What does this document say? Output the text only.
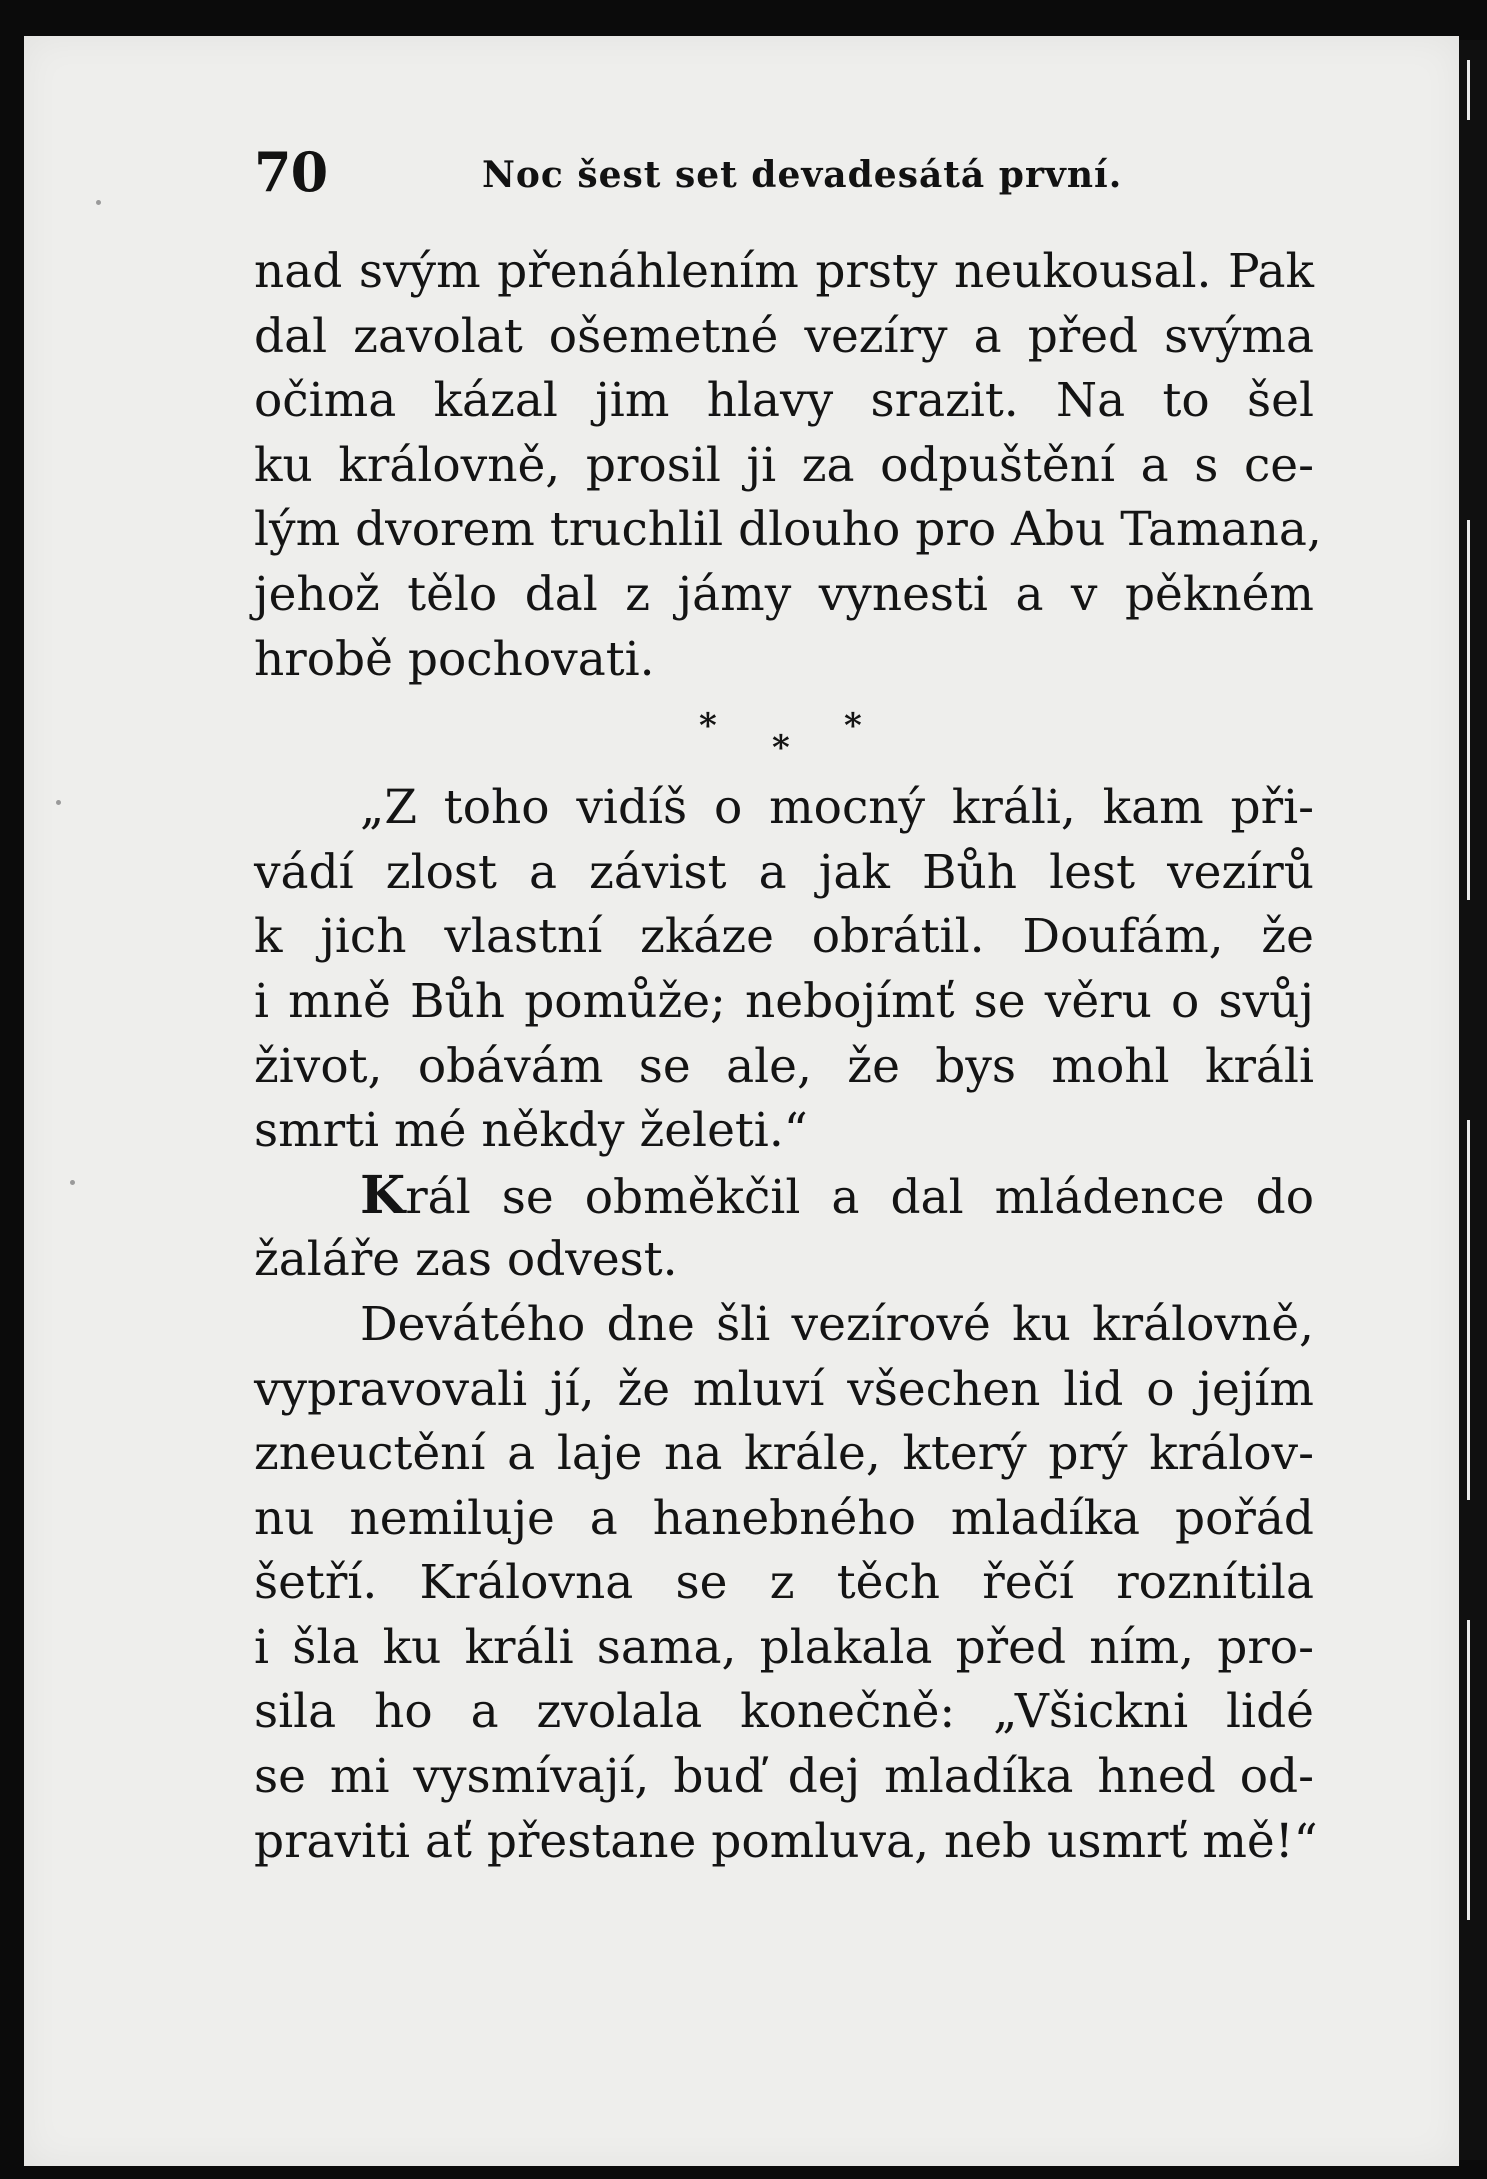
70	Noc šest set devadesátá první.
nad svým přenáhlením prsty neukousal. Pak
dal zavolat ošemetné vezíry a před svýma
očima kázal jim hlavy srazit. Na to šel
ku královně, prosil ji za odpuštění a s ce-
lým dvorem truchlil dlouho pro Abu Tamana,
jehož tělo dal z jámy vynesti a v pěkném
hrobě pochovati.
*
*
*
„Z toho vidíš o mocný králi, kam při-
vádí zlost a závist a jak Bůh lest vezírů
k jich vlastní zkáze obrátil. Doufám, že
i mně Bůh pomůže; nebojímť se věru o svůj
život, obávám se ale, že bys mohl králi
smrti mé někdy želeti.“
Král se obměkčil a dal mládence do
žaláře zas odvest.
Devátého dne šli vezírové ku královně,
vypravovali jí, že mluví všechen lid o jejím
zneuctění a laje na krále, který prý králov-
nu nemiluje a hanebného mladíka pořád
šetří. Královna se z těch řečí roznítila
i šla ku králi sama, plakala před ním, pro-
sila ho a zvolala konečně: „Všickni lidé
se mi vysmívají, buď dej mladíka hned od-
praviti ať přestane pomluva, neb usmrť mě!“
